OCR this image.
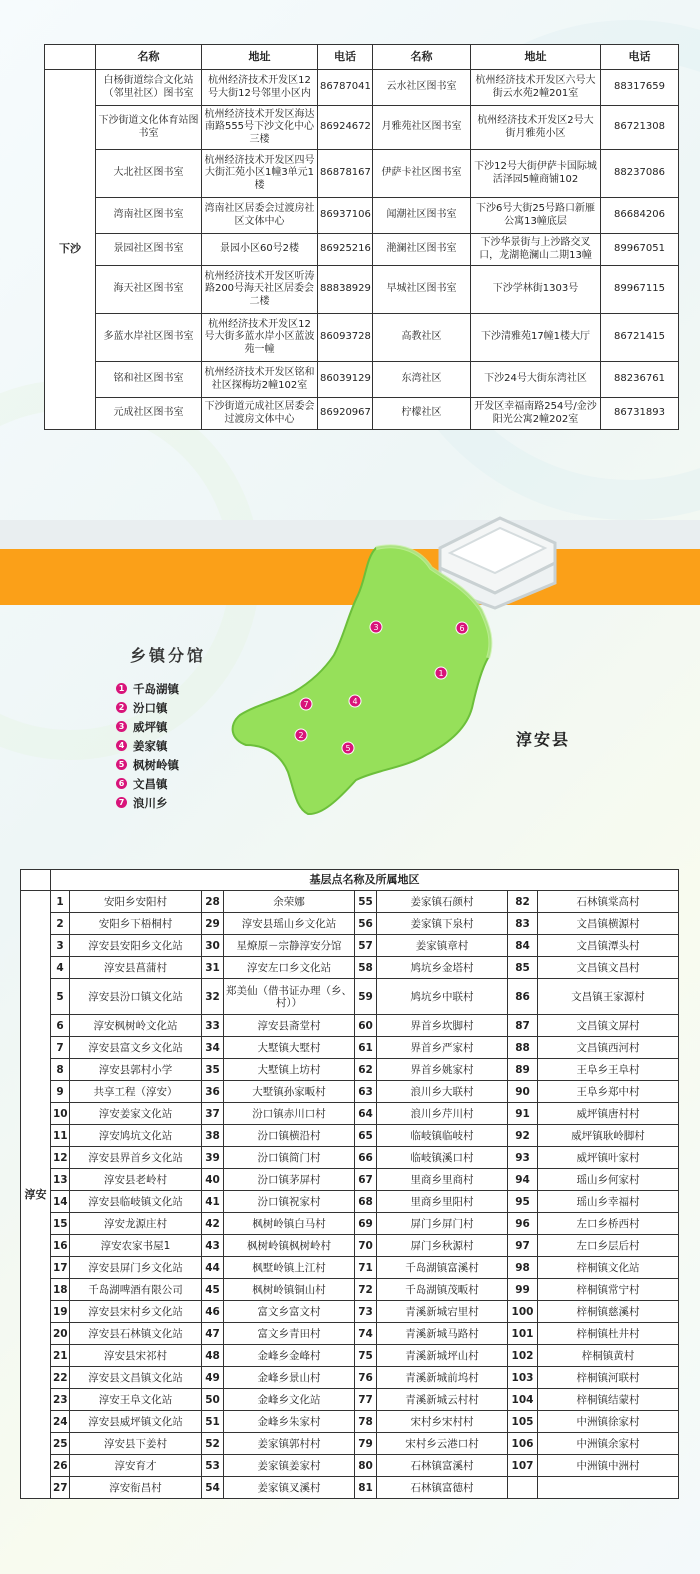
	名称	地址	电话	名称	地址	电话
下沙	白杨街道综合文化站（邻里社区）图书室	杭州经济技术开发区12号大街12号邻里小区内	86787041	云水社区图书室	杭州经济技术开发区六号大街云水苑2幢201室	88317659
	下沙街道文化体育站图书室	杭州经济技术开发区海达南路555号下沙文化中心三楼	86924672	月雅苑社区图书室	杭州经济技术开发区2号大街月雅苑小区	86721308
	大北社区图书室	杭州经济技术开发区四号大街汇苑小区1幢3单元1楼	86878167	伊萨卡社区图书室	下沙12号大街伊萨卡国际城活泽园5幢商铺102	88237086
	湾南社区图书室	湾南社区居委会过渡房社区文体中心	86937106	闻潮社区图书室	下沙6号大街25号路口新雁公寓13幢底层	86684206
	景园社区图书室	景园小区60号2楼	86925216	滟澜社区图书室	下沙华景街与上沙路交叉口，龙湖艳澜山二期13幢	89967051
	海天社区图书室	杭州经济技术开发区听涛路200号海天社区居委会二楼	88838929	早城社区图书室	下沙学林街1303号	89967115
	多蓝水岸社区图书室	杭州经济技术开发区12号大街多蓝水岸小区蓝波苑一幢	86093728	高教社区	下沙清雅苑17幢1楼大厅	86721415
	铭和社区图书室	杭州经济技术开发区铭和社区探梅坊2幢102室	86039129	东湾社区	下沙24号大街东湾社区	88236761
	元成社区图书室	下沙街道元成社区居委会过渡房文体中心	86920967	柠檬社区	开发区幸福南路254号/金沙阳光公寓2幢202室	86731893
3	6
1
4
7
2
5
乡镇分馆
1 千岛湖镇
2 汾口镇
3 威坪镇
4 姜家镇
5 枫树岭镇
6 文昌镇
7 浪川乡
淳安县
	基层点名称及所属地区							
淳安	1	安阳乡安阳村	28	余荣娜	55	姜家镇石颜村	82	石林镇棠高村
	2	安阳乡下梧桐村	29	淳安县瑶山乡文化站	56	姜家镇下泉村	83	文昌镇横源村
	3	淳安县安阳乡文化站	30	星燎原－宗静淳安分馆	57	姜家镇章村	84	文昌镇潭头村
	4	淳安县菖蒲村	31	淳安左口乡文化站	58	鸠坑乡金塔村	85	文昌镇文昌村
	5	淳安县汾口镇文化站	32	郑美仙（借书证办理（乡、村））	59	鸠坑乡中联村	86	文昌镇王家源村
	6	淳安枫树岭文化站	33	淳安县斋堂村	60	界首乡坎脚村	87	文昌镇文屏村
	7	淳安县富文乡文化站	34	大墅镇大墅村	61	界首乡严家村	88	文昌镇西河村
	8	淳安县郭村小学	35	大墅镇上坊村	62	界首乡姚家村	89	王阜乡王阜村
	9	共享工程（淳安）	36	大墅镇孙家畈村	63	浪川乡大联村	90	王阜乡郑中村
	10	淳安姜家文化站	37	汾口镇赤川口村	64	浪川乡芹川村	91	威坪镇唐村村
	11	淳安鸠坑文化站	38	汾口镇横沿村	65	临岐镇临岐村	92	威坪镇耿岭脚村
	12	淳安县界首乡文化站	39	汾口镇简门村	66	临岐镇溪口村	93	威坪镇叶家村
	13	淳安县老岭村	40	汾口镇茅屏村	67	里商乡里商村	94	瑶山乡何家村
	14	淳安县临岐镇文化站	41	汾口镇祝家村	68	里商乡里阳村	95	瑶山乡幸福村
	15	淳安龙源庄村	42	枫树岭镇白马村	69	屏门乡屏门村	96	左口乡桥西村
	16	淳安农家书屋1	43	枫树岭镇枫树岭村	70	屏门乡秋源村	97	左口乡层后村
	17	淳安县屏门乡文化站	44	枫墅岭镇上江村	71	千岛湖镇富溪村	98	梓桐镇文化站
	18	千岛湖啤酒有限公司	45	枫树岭镇铜山村	72	千岛湖镇茂畈村	99	梓桐镇常宁村
	19	淳安县宋村乡文化站	46	富文乡富文村	73	青溪新城宕里村	100	梓桐镇慈溪村
	20	淳安县石林镇文化站	47	富文乡青田村	74	青溪新城马路村	101	梓桐镇杜井村
	21	淳安县宋祁村	48	金峰乡金峰村	75	青溪新城坪山村	102	梓桐镇黄村
	22	淳安县文昌镇文化站	49	金峰乡景山村	76	青溪新城前坞村	103	梓桐镇河联村
	23	淳安王阜文化站	50	金峰乡文化站	77	青溪新城云村村	104	梓桐镇结蒙村
	24	淳安县威坪镇文化站	51	金峰乡朱家村	78	宋村乡宋村村	105	中洲镇徐家村
	25	淳安县下姜村	52	姜家镇郭村村	79	宋村乡云港口村	106	中洲镇余家村
	26	淳安育才	53	姜家镇姜家村	80	石林镇富溪村	107	中洲镇中洲村
	27	淳安衔昌村	54	姜家镇叉溪村	81	石林镇富德村		
